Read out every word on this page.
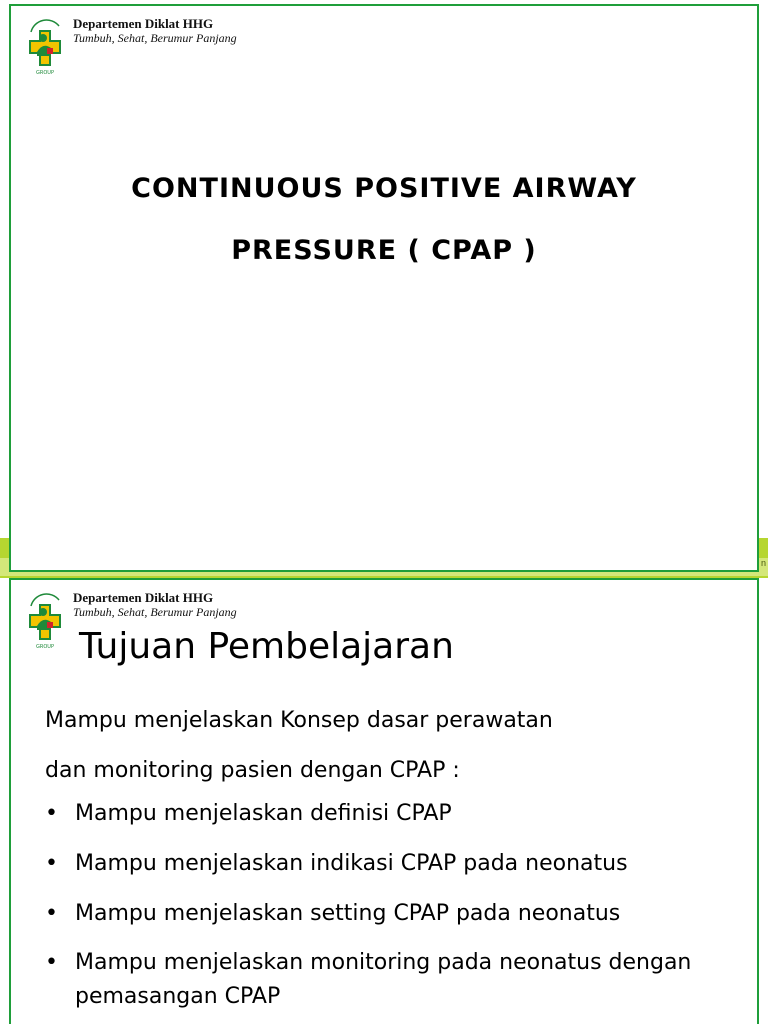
n
GROUP
Departemen Diklat HHG
Tumbuh, Sehat, Berumur Panjang
CONTINUOUS POSITIVE AIRWAY
PRESSURE ( CPAP )
GROUP
Departemen Diklat HHG
Tumbuh, Sehat, Berumur Panjang
Tujuan Pembelajaran
Mampu menjelaskan Konsep dasar perawatan
dan monitoring pasien dengan CPAP :
• Mampu menjelaskan definisi CPAP
• Mampu menjelaskan indikasi CPAP pada neonatus
• Mampu menjelaskan setting CPAP pada neonatus
• Mampu menjelaskan monitoring pada neonatus dengan pemasangan CPAP
